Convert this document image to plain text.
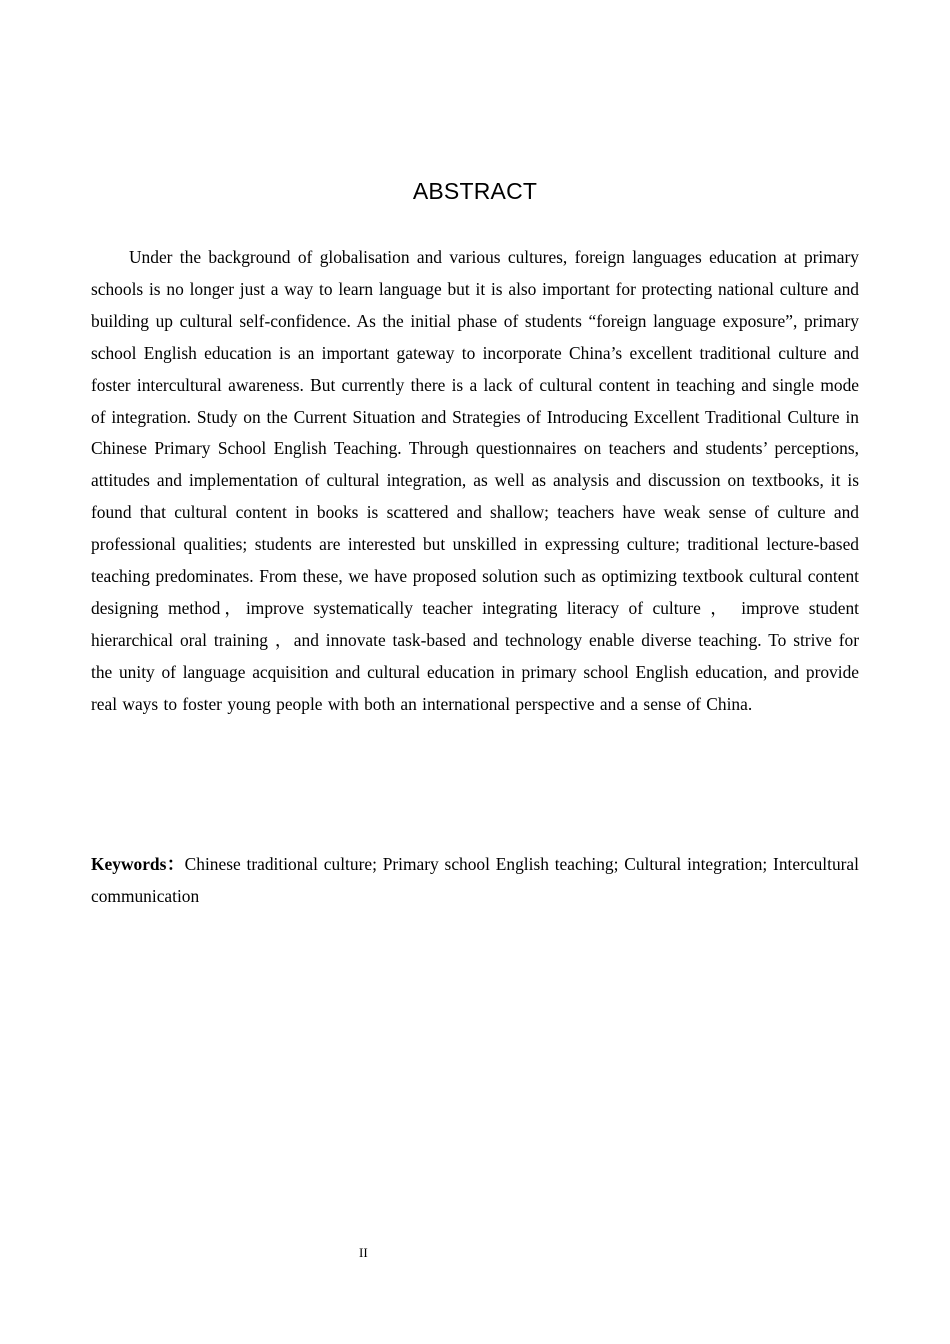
ABSTRACT

Under the background of globalisation and various cultures, foreign languages education at primary schools is no longer just a way to learn language but it is also important for protecting national culture and building up cultural self-confidence. As the initial phase of students “foreign language exposure”, primary school English education is an important gateway to incorporate China’s excellent traditional culture and foster intercultural awareness. But currently there is a lack of cultural content in teaching and single mode of integration. Study on the Current Situation and Strategies of Introducing Excellent Traditional Culture in Chinese Primary School English Teaching. Through questionnaires on teachers and students’ perceptions, attitudes and implementation of cultural integration, as well as analysis and discussion on textbooks, it is found that cultural content in books is scattered and shallow; teachers have weak sense of culture and professional qualities; students are interested but unskilled in expressing culture; traditional lecture-based teaching predominates. From these, we have proposed solution such as optimizing textbook cultural content designing method，improve systematically teacher integrating literacy of culture ， improve student hierarchical oral training ，and innovate task-based and technology enable diverse teaching. To strive for the unity of language acquisition and cultural education in primary school English education, and provide real ways to foster young people with both an international perspective and a sense of China.

Keywords：Chinese traditional culture; Primary school English teaching; Cultural integration; Intercultural communication

II
